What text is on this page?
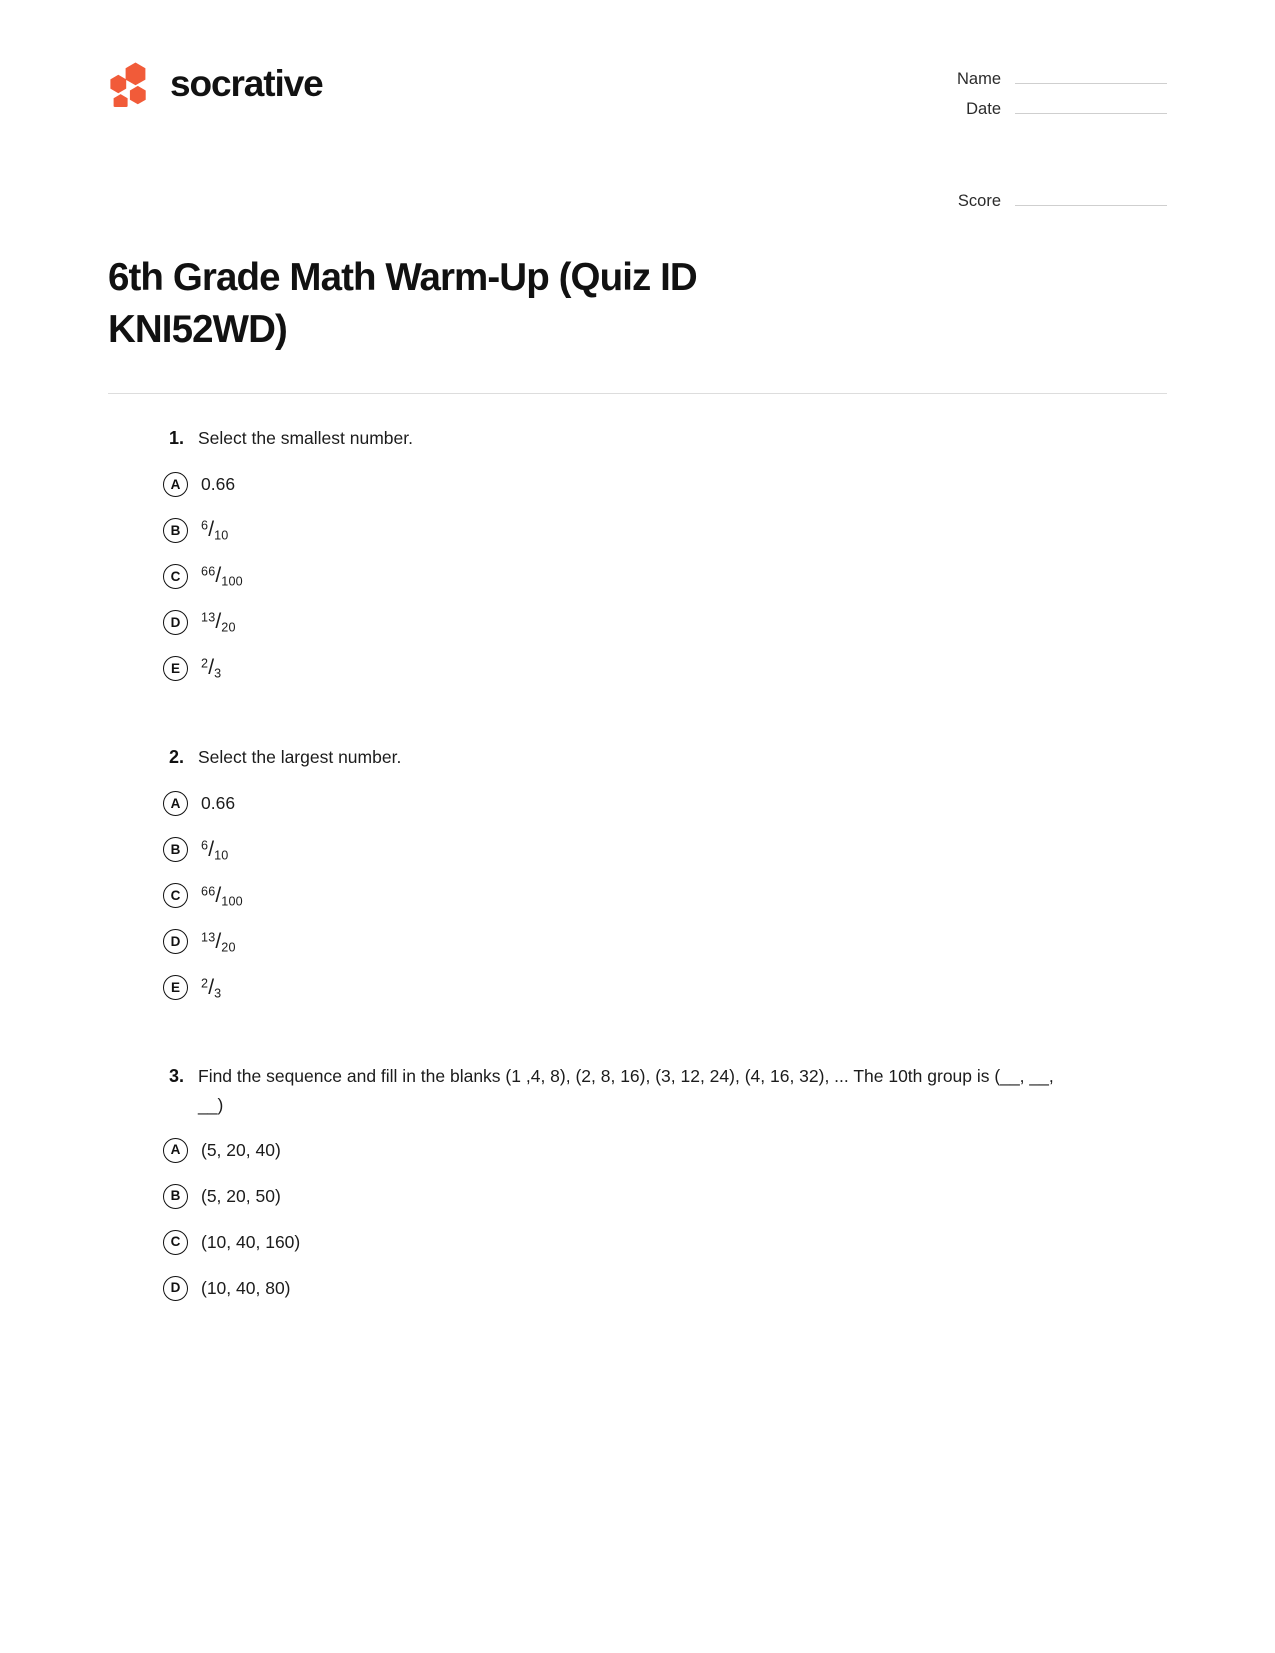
socrative	Name
Date
Score
6th Grade Math Warm-Up (Quiz ID KNI52WD)
1. Select the smallest number.
A	0.66
B	$^6/_{10}$
C	$^{66}/_{100}$
D	$^{13}/_{20}$
E	$^2/_3$
2. Select the largest number.
A	0.66
B	$^6/_{10}$
C	$^{66}/_{100}$
D	$^{13}/_{20}$
E	$^2/_3$
3. Find the sequence and fill in the blanks (1 ,4, 8), (2, 8, 16), (3, 12, 24), (4, 16, 32), ... The 10th group is (__, __, __)
A	(5, 20, 40)
B	(5, 20, 50)
C	(10, 40, 160)
D	(10, 40, 80)
